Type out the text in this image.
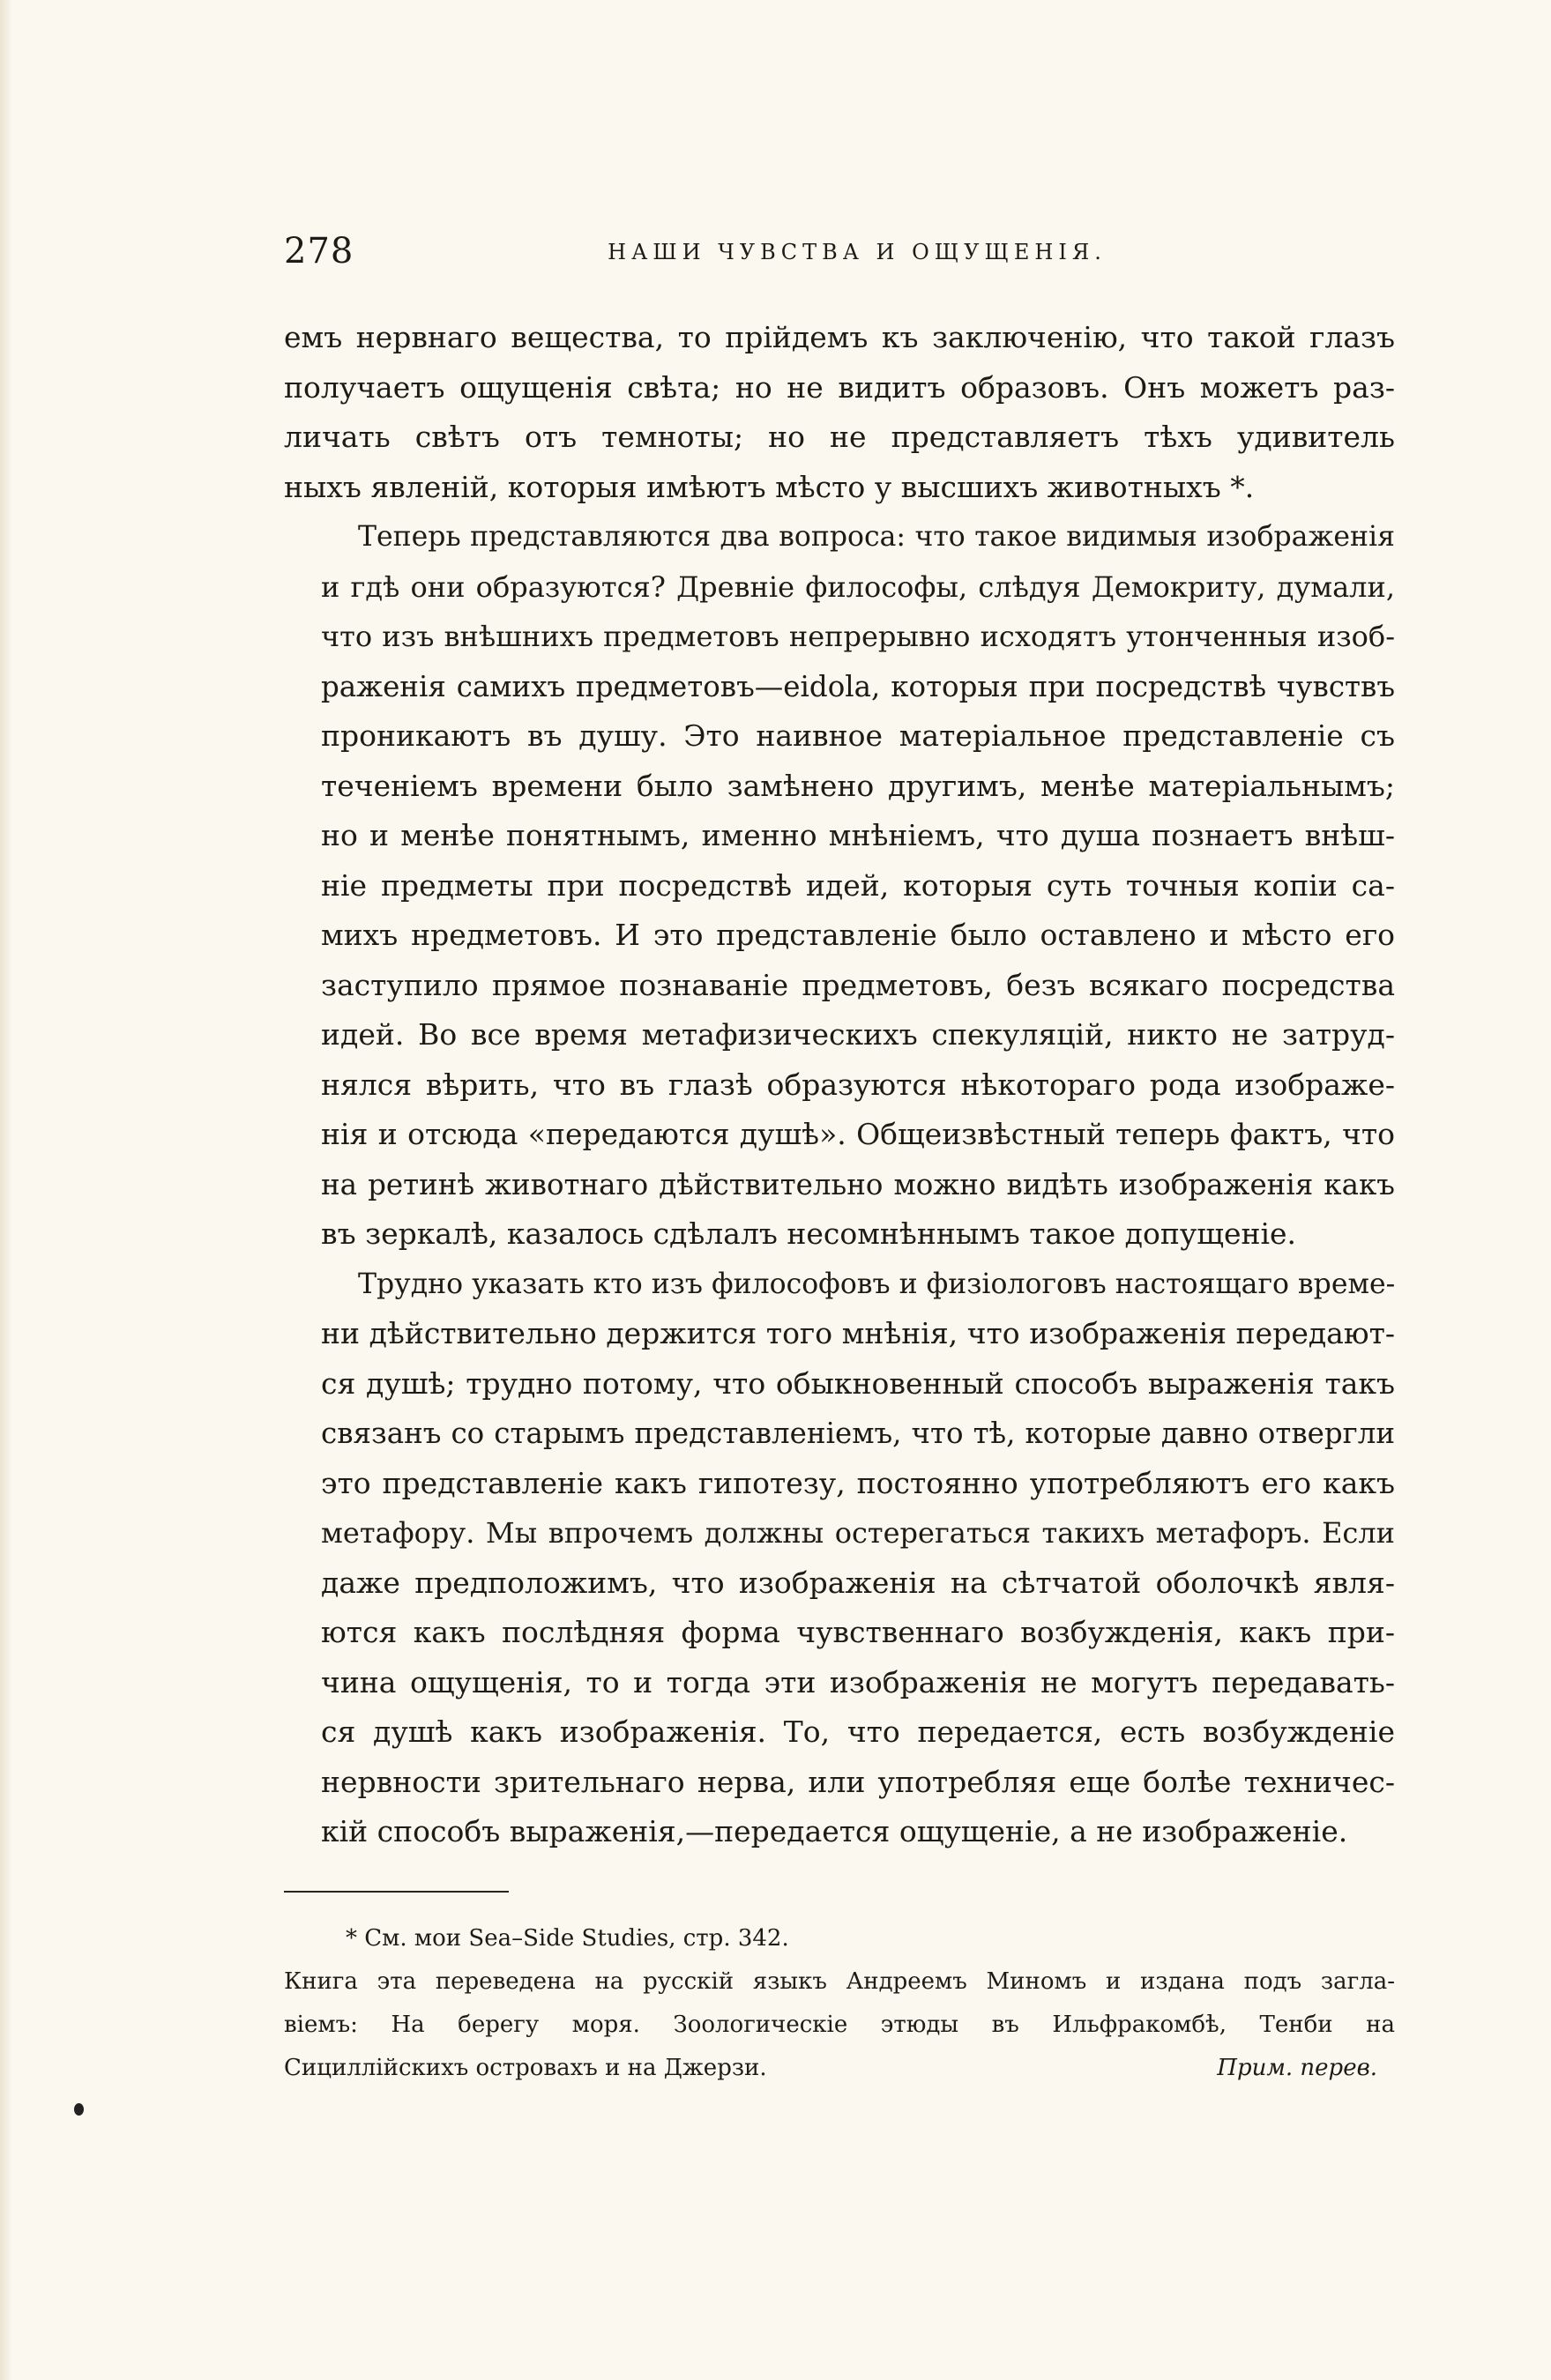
278	НАШИ ЧУВСТВА И ОЩУЩЕНІЯ.

емъ нервнаго вещества, то прійдемъ къ заключенію, что такой глазъ
получаетъ ощущенія свѣта; но не видитъ образовъ. Онъ можетъ раз-
личать свѣтъ отъ темноты; но не представляетъ тѣхъ удивитель
ныхъ явленій, которыя имѣютъ мѣсто у высшихъ животныхъ *.

Теперь представляются два вопроса: что такое видимыя изображенія
и гдѣ они образуются? Древніе философы, слѣдуя Демокриту, думали,
что изъ внѣшнихъ предметовъ непрерывно исходятъ утонченныя изоб-
раженія самихъ предметовъ—eidola, которыя при посредствѣ чувствъ
проникаютъ въ душу. Это наивное матеріальное представленіе съ
теченіемъ времени было замѣнено другимъ, менѣе матеріальнымъ;
но и менѣе понятнымъ, именно мнѣніемъ, что душа познаетъ внѣш-
ніе предметы при посредствѣ идей, которыя суть точныя копіи са-
михъ нредметовъ. И это представленіе было оставлено и мѣсто его
заступило прямое познаваніе предметовъ, безъ всякаго посредства
идей. Во все время метафизическихъ спекуляцій, никто не затруд-
нялся вѣрить, что въ глазѣ образуются нѣкотораго рода изображе-
нія и отсюда «передаются душѣ». Общеизвѣстный теперь фактъ, что
на ретинѣ животнаго дѣйствительно можно видѣть изображенія какъ
въ зеркалѣ, казалось сдѣлалъ несомнѣннымъ такое допущеніе.

Трудно указать кто изъ философовъ и физіологовъ настоящаго време-
ни дѣйствительно держится того мнѣнія, что изображенія передают-
ся душѣ; трудно потому, что обыкновенный способъ выраженія такъ
связанъ со старымъ представленіемъ, что тѣ, которые давно отвергли
это представленіе какъ гипотезу, постоянно употребляютъ его какъ
метафору. Мы впрочемъ должны остерегаться такихъ метафоръ. Если
даже предположимъ, что изображенія на сѣтчатой оболочкѣ явля-
ются какъ послѣдняя форма чувственнаго возбужденія, какъ при-
чина ощущенія, то и тогда эти изображенія не могутъ передавать-
ся душѣ какъ изображенія. То, что передается, есть возбужденіе
нервности зрительнаго нерва, или употребляя еще болѣе техничес-
кій способъ выраженія,—передается ощущеніе, а не изображеніе.

* См. мои Sea–Side Studies, стр. 342.
Книга эта переведена на русскій языкъ Андреемъ Миномъ и издана подъ загла-
віемъ: На берегу моря. Зоологическіе этюды въ Ильфракомбѣ, Тенби на
Сициллійскихъ островахъ и на Джерзи.	Прим. перев.
